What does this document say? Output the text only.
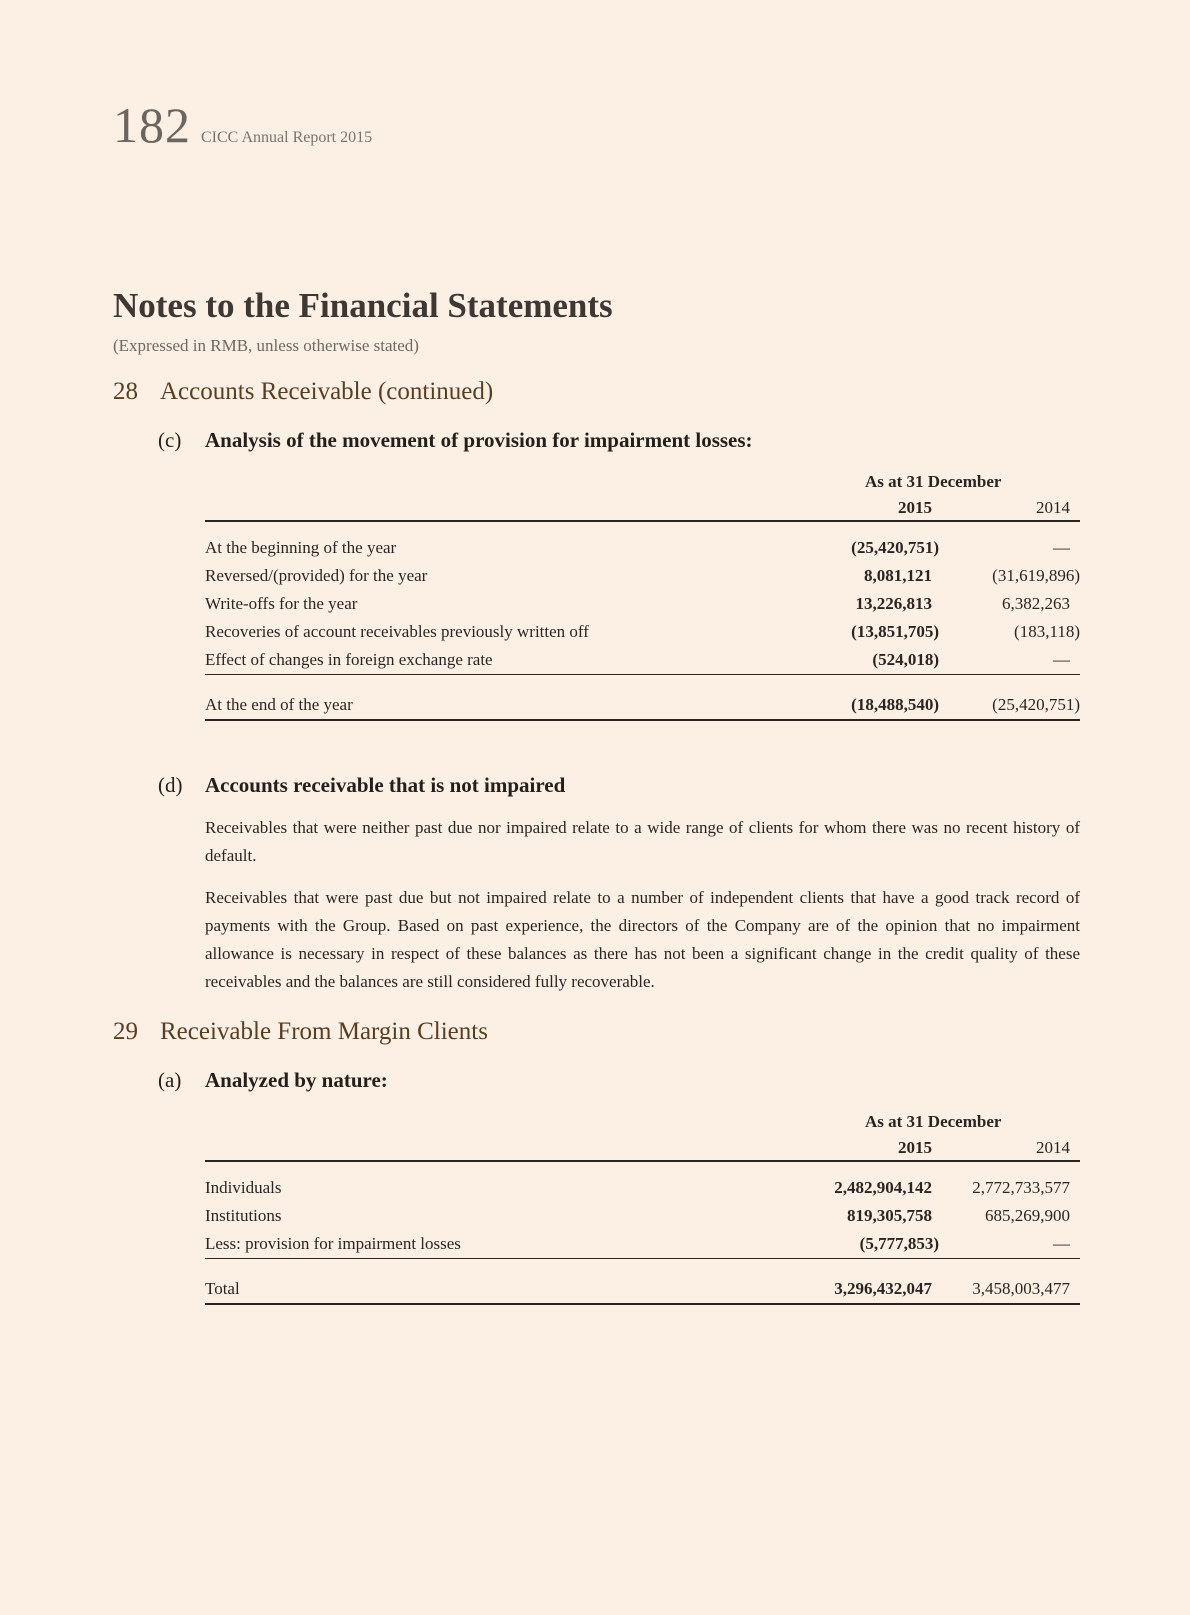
182 CICC Annual Report 2015
Notes to the Financial Statements
(Expressed in RMB, unless otherwise stated)
28 Accounts Receivable (continued)
(c) Analysis of the movement of provision for impairment losses:
As at 31 December
2015	2014
At the beginning of the year	(25,420,751)	—
Reversed/(provided) for the year	8,081,121	(31,619,896)
Write-offs for the year	13,226,813	6,382,263
Recoveries of account receivables previously written off	(13,851,705)	(183,118)
Effect of changes in foreign exchange rate	(524,018)	—
At the end of the year	(18,488,540)	(25,420,751)
(d) Accounts receivable that is not impaired

Receivables that were neither past due nor impaired relate to a wide range of clients for whom there was no recent history of default.

Receivables that were past due but not impaired relate to a number of independent clients that have a good track record of payments with the Group. Based on past experience, the directors of the Company are of the opinion that no impairment allowance is necessary in respect of these balances as there has not been a significant change in the credit quality of these receivables and the balances are still considered fully recoverable.

29 Receivable From Margin Clients
(a) Analyzed by nature:
As at 31 December
2015	2014
Individuals	2,482,904,142	2,772,733,577
Institutions	819,305,758	685,269,900
Less: provision for impairment losses	(5,777,853)	—
Total	3,296,432,047	3,458,003,477
